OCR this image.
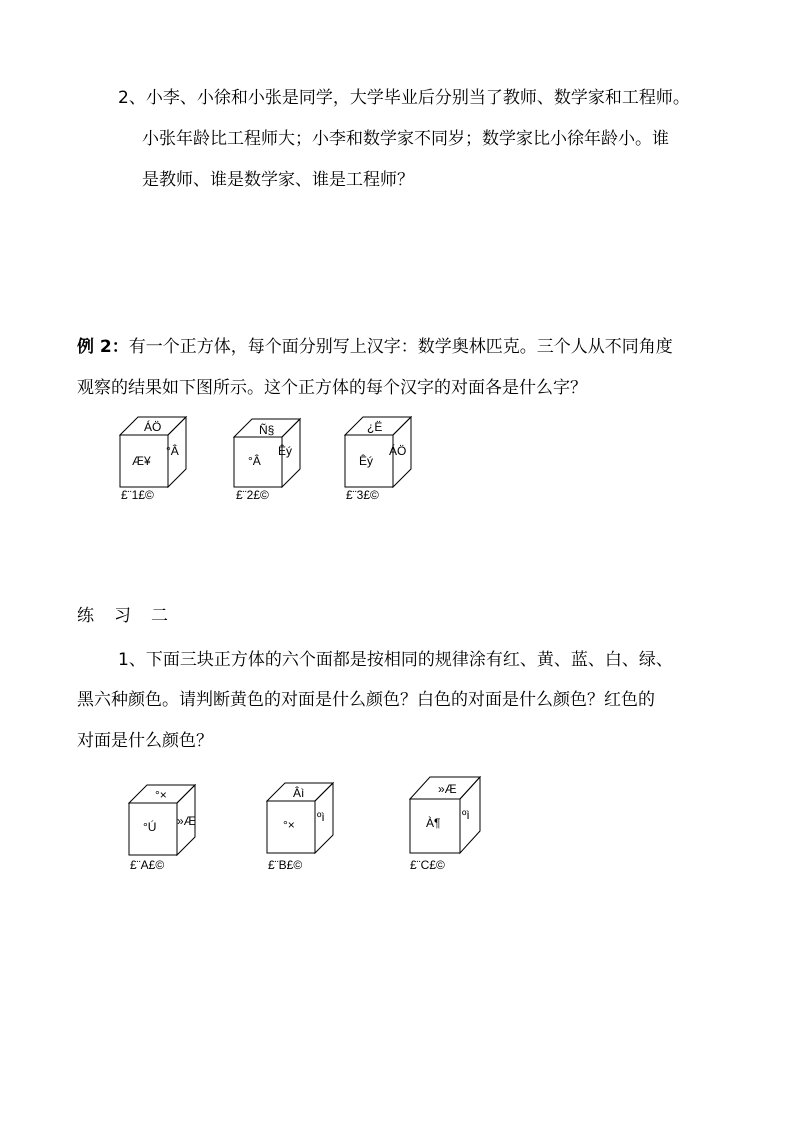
2、小李、小徐和小张是同学，大学毕业后分别当了教师、数学家和工程师。
小张年龄比工程师大；小李和数学家不同岁；数学家比小徐年龄小。谁
是教师、谁是数学家、谁是工程师？
例 2：有一个正方体，每个面分别写上汉字：数学奥林匹克。三个人从不同角度
观察的结果如下图所示。这个正方体的每个汉字的对面各是什么字？
ÁÖ
Æ¥
°Â
£¨1£©
Ñ§
°Â
Êý
£¨2£©
¿Ë
Êý
ÁÖ
£¨3£©
练 习 二
1、下面三块正方体的六个面都是按相同的规律涂有红、黄、蓝、白、绿、
黑六种颜色。请判断黄色的对面是什么颜色？白色的对面是什么颜色？红色的
对面是什么颜色？
°×
°Ú »Æ
£¨A£©
Âì
°×
ºì
£¨B£©
»Æ
À¶
ºì
£¨C£©
